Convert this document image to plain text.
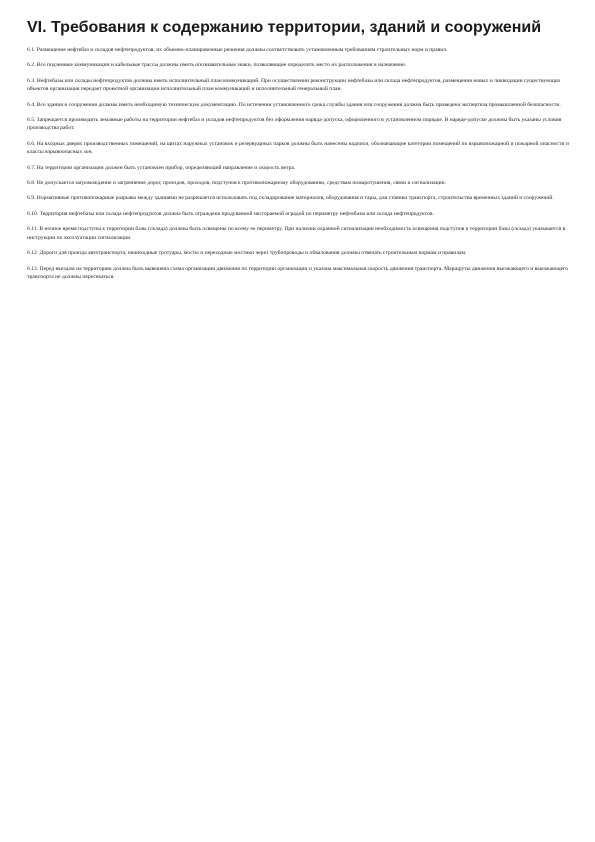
VI. Требования к содержанию территории, зданий и сооружений

6.1. Размещение нефтебаз и складов нефтепродуктов, их объемно-планировочные решения должны соответствовать установленным требованиям строительных норм и правил.

6.2. Все подземные коммуникации и кабельные трассы должны иметь опознавательные знаки, позволяющие определить место их расположения и назначение.

6.3. Нефтебазы или склады нефтепродуктов должны иметь исполнительный план коммуникаций. При осуществлении реконструкции нефтебазы или склада нефтепродуктов, размещения новых и ликвидации существующих объектов организация передает проектной организации исполнительный план коммуникаций и исполнительный генеральный план.

6.4. Все здания и сооружения должны иметь необходимую техническую документацию. По истечении установленного срока службы здания или сооружения должна быть проведена экспертиза промышленной безопасности.

6.5. Запрещается производить земляные работы на территории нефтебаз и складов нефтепродуктов без оформления наряда-допуска, оформленного в установленном порядке. В наряде-допуске должны быть указаны условия производства работ.

6.6. На входных дверях производственных помещений, на щитах наружных установок и резервуарных парков должны быть нанесены надписи, обозначающие категории помещений по взрывопожарной и пожарной опасности и классы взрывоопасных зон.

6.7. На территории организации должен быть установлен прибор, определяющий направление и скорость ветра.

6.8. Не допускается загромождение и загрязнение дорог, проездов, проходов, подступов к противопожарному оборудованию, средствам пожаротушения, связи и сигнализации.

6.9. Нормативные противопожарные разрывы между зданиями не разрешается использовать под складирование материалов, оборудования и тары, для стоянки транспорта, строительства временных зданий и сооружений.

6.10. Территория нефтебазы или склада нефтепродуктов должна быть ограждена продуваемой несгораемой оградой по периметру нефтебазы или склада нефтепродуктов.

6.11. В ночное время подступы к территории базы (склада) должны быть освещены по всему ее периметру. При наличии охранной сигнализации необходимость освещения подступов к территории базы (склада) указывается в инструкции по эксплуатации сигнализации.

6.12. Дороги для проезда автотранспорта, пешеходные тротуары, мосты и переходные мостики через трубопроводы и обвалования должны отвечать строительным нормам и правилам.

6.13. Перед въездом на территорию должна быть вывешена схема организации движения по территории организации и указана максимальная скорость движения транспорта. Маршруты движения въезжающего и выезжающего транспорта не должны пересекаться.
